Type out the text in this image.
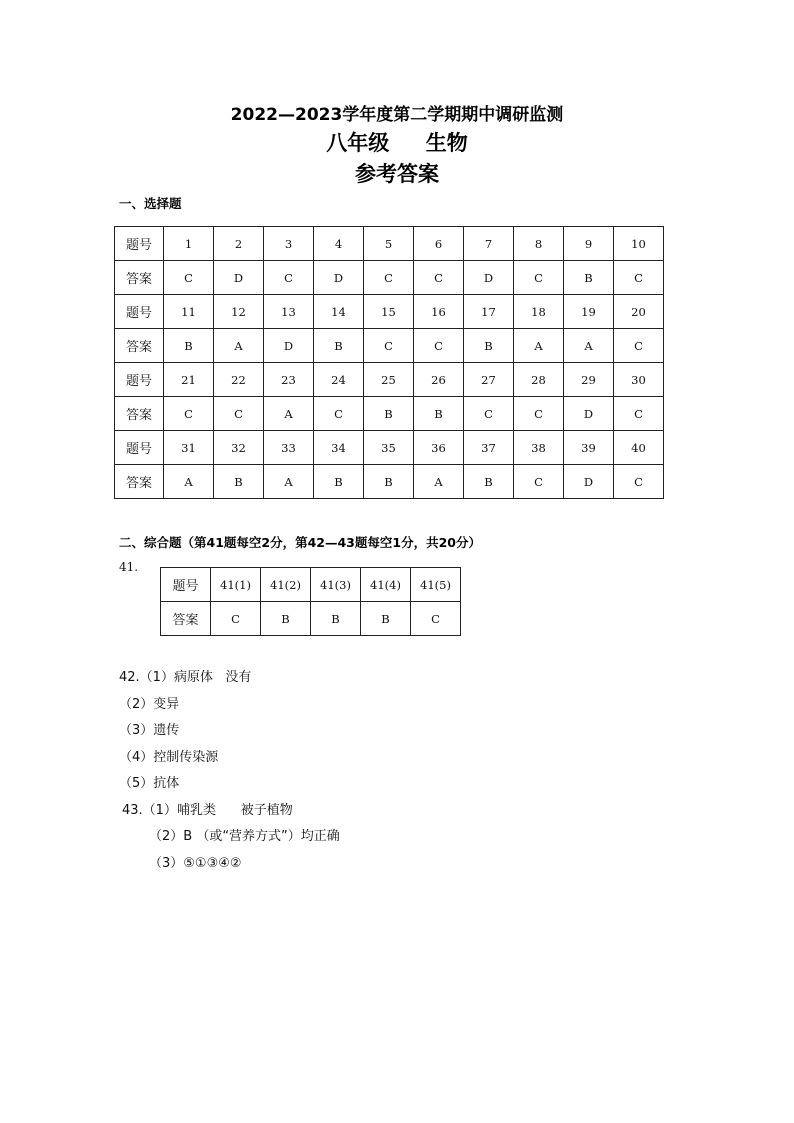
2022—2023学年度第二学期期中调研监测
八年级     生物
参考答案
一、选择题
题号	1	2	3	4	5	6	7	8	9	10
答案	C	D	C	D	C	C	D	C	B	C
题号	11	12	13	14	15	16	17	18	19	20
答案	B	A	D	B	C	C	B	A	A	C
题号	21	22	23	24	25	26	27	28	29	30
答案	C	C	A	C	B	B	C	C	D	C
题号	31	32	33	34	35	36	37	38	39	40
答案	A	B	A	B	B	A	B	C	D	C
二、综合题（第41题每空2分，第42—43题每空1分，共20分）
41.
题号	41(1)	41(2)	41(3)	41(4)	41(5)
答案	C	B	B	B	C
42.（1）病原体   没有
（2）变异
（3）遗传
（4）控制传染源
（5）抗体
43.（1）哺乳类      被子植物
（2）B （或“营养方式”）均正确
（3）⑤①③④②
